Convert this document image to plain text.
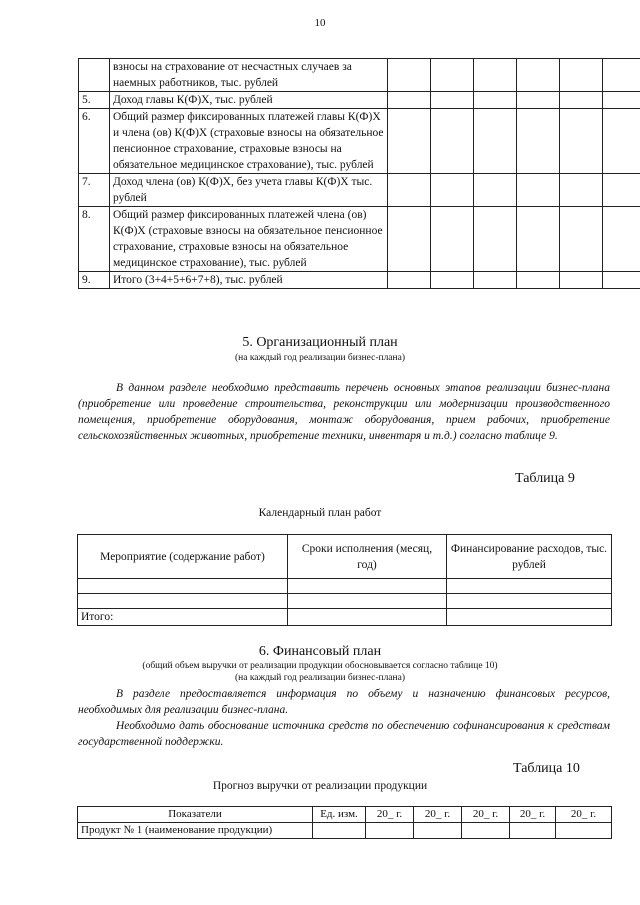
10
	взносы на страхование от несчастных случаев за наемных работников, тыс. рублей						
5.	Доход главы К(Ф)Х, тыс. рублей						
6.	Общий размер фиксированных платежей главы К(Ф)Х и члена (ов) К(Ф)Х (страховые взносы на обязательное пенсионное страхование, страховые взносы на обязательное медицинское страхование), тыс. рублей						
7.	Доход члена (ов) К(Ф)Х, без учета главы К(Ф)Х тыс. рублей						
8.	Общий размер фиксированных платежей члена (ов) К(Ф)Х (страховые взносы на обязательное пенсионное страхование, страховые взносы на обязательное медицинское страхование), тыс. рублей						
9.	Итого (3+4+5+6+7+8), тыс. рублей						
5. Организационный план
(на каждый год реализации бизнес-плана)
В данном разделе необходимо представить перечень основных этапов реализации бизнес-плана (приобретение или проведение строительства, реконструкции или модернизации производственного помещения, приобретение оборудования, монтаж оборудования, прием рабочих, приобретение сельскохозяйственных животных, приобретение техники, инвентаря и т.д.) согласно таблице 9.
Таблица 9
Календарный план работ
Мероприятие (содержание работ)	Сроки исполнения (месяц, год)	Финансирование расходов, тыс. рублей

Итого:		
6. Финансовый план
(общий объем выручки от реализации продукции обосновывается согласно таблице 10)
(на каждый год реализации бизнес-плана)
В разделе предоставляется информация по объему и назначению финансовых ресурсов, необходимых для реализации бизнес-плана.
Необходимо дать обоснование источника средств по обеспечению софинансирования к средствам государственной поддержки.
Таблица 10
Прогноз выручки от реализации продукции
Показатели	Ед. изм.	20_ г.	20_ г.	20_ г.	20_ г.	20_ г.
Продукт № 1 (наименование продукции)						
